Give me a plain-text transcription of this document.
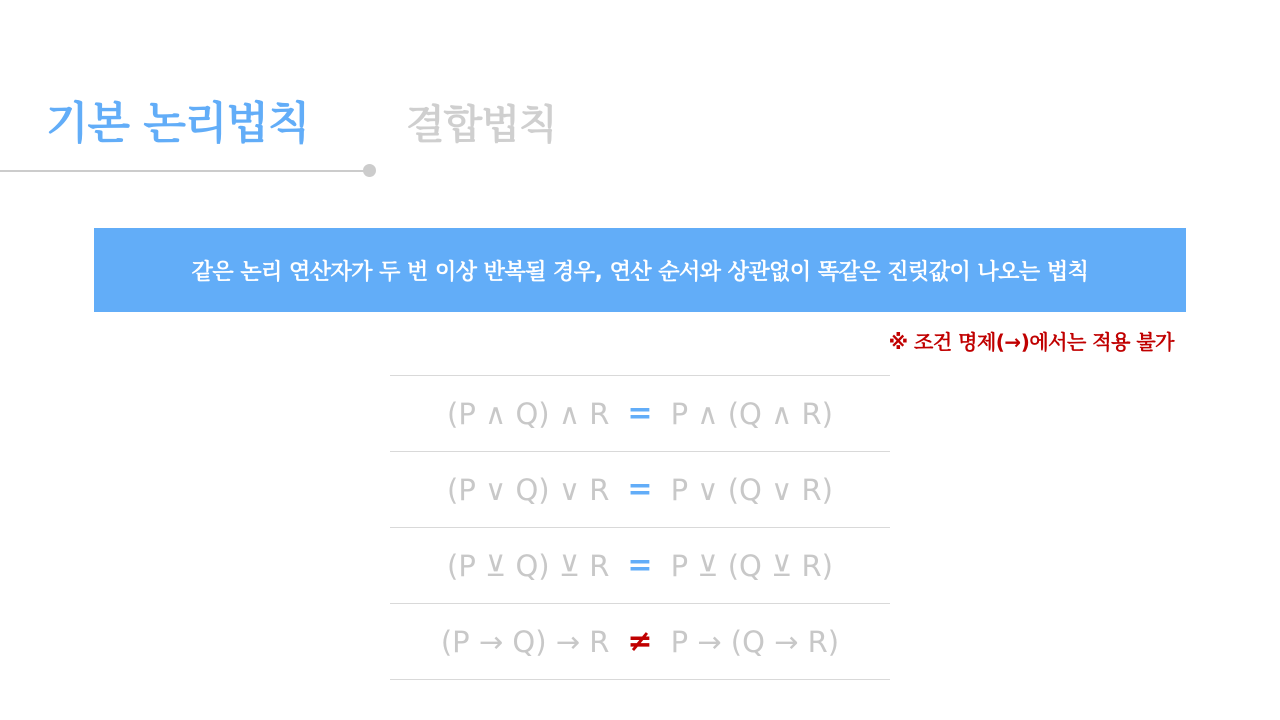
기본 논리법칙 결합법칙
같은 논리 연산자가 두 번 이상 반복될 경우, 연산 순서와 상관없이 똑같은 진릿값이 나오는 법칙
※ 조건 명제(→)에서는 적용 불가
(P ∧ Q) ∧ R = P ∧ (Q ∧ R)
(P ∨ Q) ∨ R = P ∨ (Q ∨ R)
(P ⊻ Q) ⊻ R = P ⊻ (Q ⊻ R)
(P → Q) → R ≠ P → (Q → R)
